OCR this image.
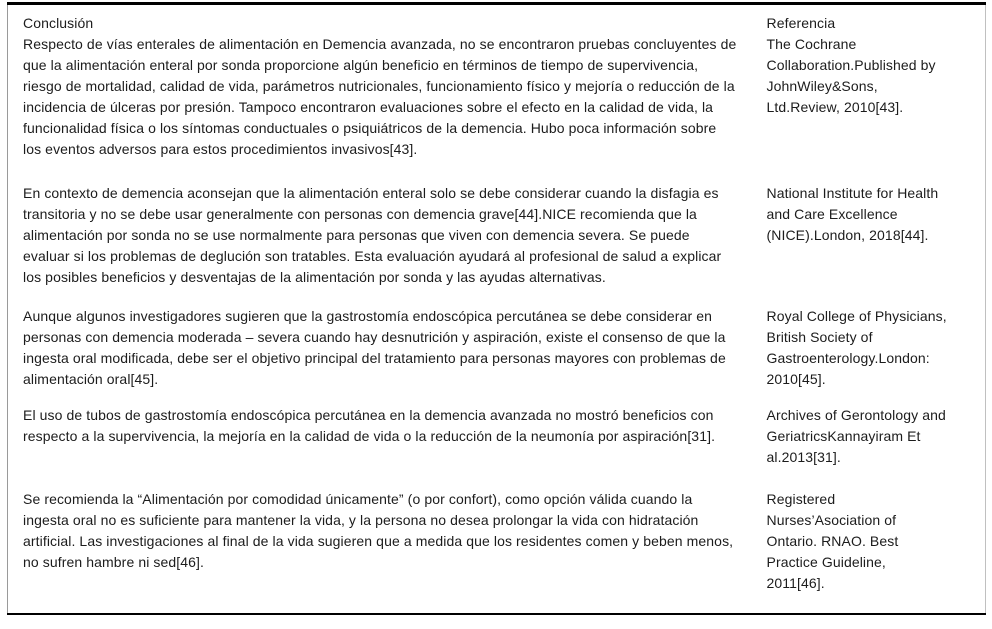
Conclusión	Referencia
Respecto de vías enterales de alimentación en Demencia avanzada, no se encontraron pruebas concluyentes de que la alimentación enteral por sonda proporcione algún beneficio en términos de tiempo de supervivencia, riesgo de mortalidad, calidad de vida, parámetros nutricionales, funcionamiento físico y mejoría o reducción de la incidencia de úlceras por presión. Tampoco encontraron evaluaciones sobre el efecto en la calidad de vida, la funcionalidad física o los síntomas conductuales o psiquiátricos de la demencia. Hubo poca información sobre los eventos adversos para estos procedimientos invasivos[43].	The Cochrane Collaboration.Published by JohnWiley&Sons, Ltd.Review, 2010[43].
En contexto de demencia aconsejan que la alimentación enteral solo se debe considerar cuando la disfagia es transitoria y no se debe usar generalmente con personas con demencia grave[44].NICE recomienda que la alimentación por sonda no se use normalmente para personas que viven con demencia severa. Se puede evaluar si los problemas de deglución son tratables. Esta evaluación ayudará al profesional de salud a explicar los posibles beneficios y desventajas de la alimentación por sonda y las ayudas alternativas.	National Institute for Health and Care Excellence (NICE).London, 2018[44].
Aunque algunos investigadores sugieren que la gastrostomía endoscópica percutánea se debe considerar en personas con demencia moderada – severa cuando hay desnutrición y aspiración, existe el consenso de que la ingesta oral modificada, debe ser el objetivo principal del tratamiento para personas mayores con problemas de alimentación oral[45].	Royal College of Physicians, British Society of Gastroenterology.London: 2010[45].
El uso de tubos de gastrostomía endoscópica percutánea en la demencia avanzada no mostró beneficios con respecto a la supervivencia, la mejoría en la calidad de vida o la reducción de la neumonía por aspiración[31].	Archives of Gerontology and GeriatricsKannayiram Et al.2013[31].
Se recomienda la “Alimentación por comodidad únicamente” (o por confort), como opción válida cuando la ingesta oral no es suficiente para mantener la vida, y la persona no desea prolongar la vida con hidratación artificial. Las investigaciones al final de la vida sugieren que a medida que los residentes comen y beben menos, no sufren hambre ni sed[46].	Registered Nurses’Asociation of Ontario. RNAO. Best Practice Guideline, 2011[46].
